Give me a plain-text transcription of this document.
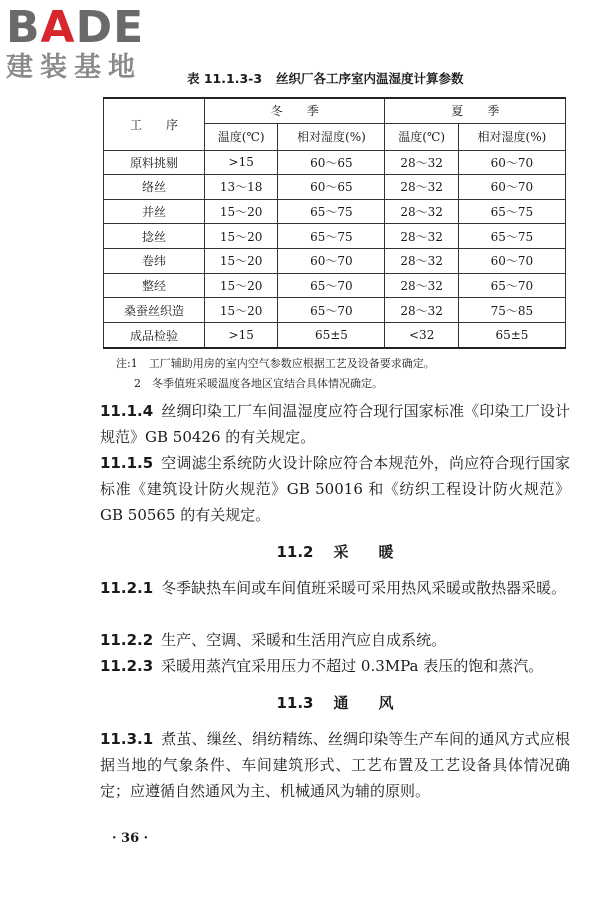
BADE
建装基地	表 11.1.3-3 丝织厂各工序室内温湿度计算参数
工　　序	冬　　季		夏　　季	
	温度(℃)	相对湿度(%)	温度(℃)	相对湿度(%)
原料挑剔	>15	60～65	28～32	60～70
络丝	13～18	60～65	28～32	60～70
并丝	15～20	65～75	28～32	65～75
捻丝	15～20	65～75	28～32	65～75
卷纬	15～20	60～70	28～32	60～70
整经	15～20	65～70	28～32	65～70
桑蚕丝织造	15～20	65～70	28～32	75～85
成品检验	>15	65±5	<32	65±5
注:1　工厂辅助用房的室内空气参数应根据工艺及设备要求确定。
2　冬季值班采暖温度各地区宜结合具体情况确定。
11.1.4 丝绸印染工厂车间温湿度应符合现行国家标准《印染工厂设计规范》GB 50426 的有关规定。
11.1.5 空调滤尘系统防火设计除应符合本规范外，尚应符合现行国家标准《建筑设计防火规范》GB 50016 和《纺织工程设计防火规范》GB 50565 的有关规定。
11.2 采　　暖
11.2.1 冬季缺热车间或车间值班采暖可采用热风采暖或散热器采暖。
11.2.2 生产、空调、采暖和生活用汽应自成系统。
11.2.3 采暖用蒸汽宜采用压力不超过 0.3MPa 表压的饱和蒸汽。
11.3 通　　风
11.3.1 煮茧、缫丝、绢纺精练、丝绸印染等生产车间的通风方式应根据当地的气象条件、车间建筑形式、工艺布置及工艺设备具体情况确定；应遵循自然通风为主、机械通风为辅的原则。
· 36 ·
